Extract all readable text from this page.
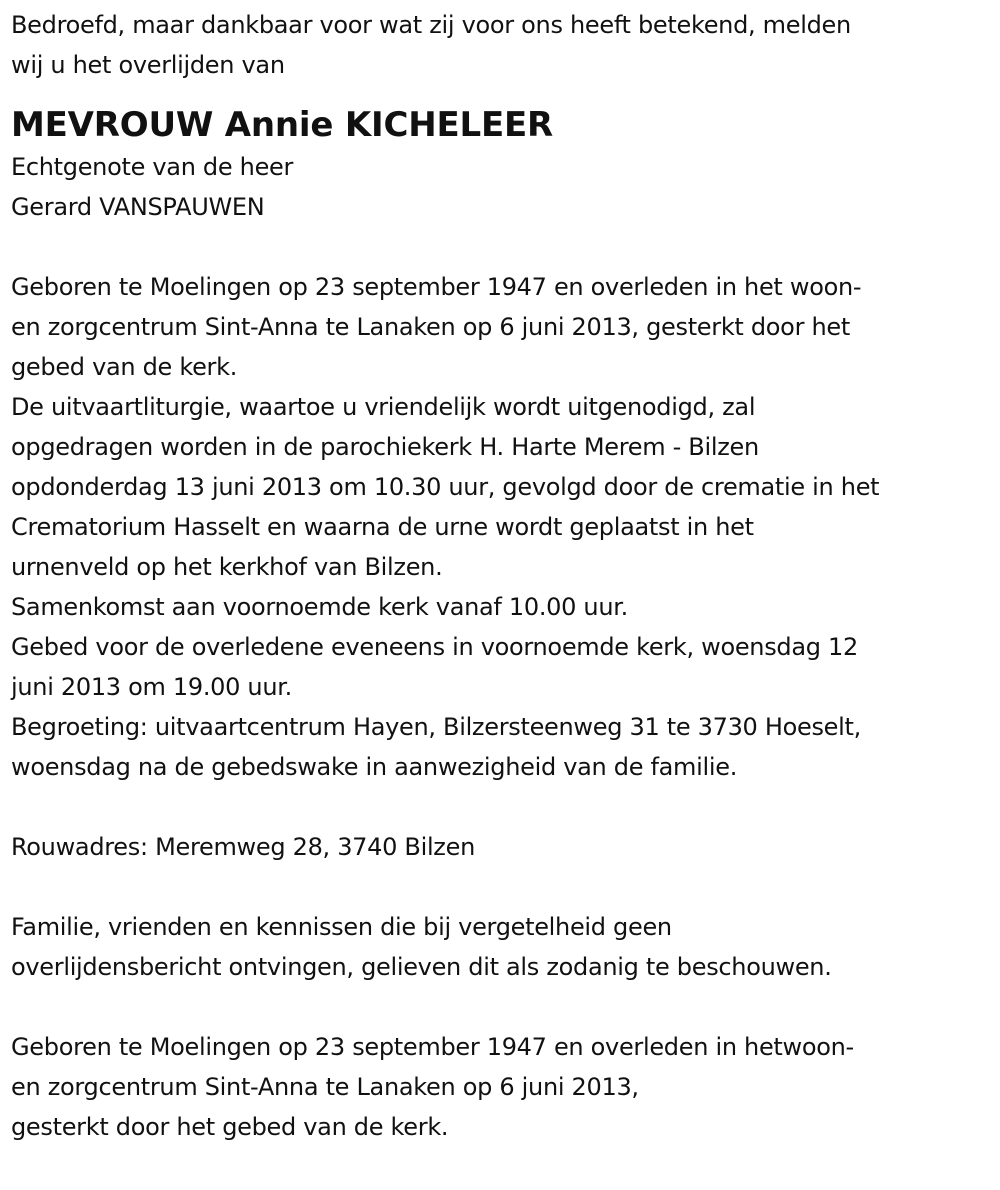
Bedroefd, maar dankbaar voor wat zij voor ons heeft betekend, melden
wij u het overlijden van
MEVROUW Annie KICHELEER
Echtgenote van de heer
Gerard VANSPAUWEN
Geboren te Moelingen op 23 september 1947 en overleden in het woon-
en zorgcentrum Sint-Anna te Lanaken op 6 juni 2013, gesterkt door het
gebed van de kerk.
De uitvaartliturgie, waartoe u vriendelijk wordt uitgenodigd, zal
opgedragen worden in de parochiekerk H. Harte Merem - Bilzen
opdonderdag 13 juni 2013 om 10.30 uur, gevolgd door de crematie in het
Crematorium Hasselt en waarna de urne wordt geplaatst in het
urnenveld op het kerkhof van Bilzen.
Samenkomst aan voornoemde kerk vanaf 10.00 uur.
Gebed voor de overledene eveneens in voornoemde kerk, woensdag 12
juni 2013 om 19.00 uur.
Begroeting: uitvaartcentrum Hayen, Bilzersteenweg 31 te 3730 Hoeselt,
woensdag na de gebedswake in aanwezigheid van de familie.
Rouwadres: Meremweg 28, 3740 Bilzen
Familie, vrienden en kennissen die bij vergetelheid geen
overlijdensbericht ontvingen, gelieven dit als zodanig te beschouwen.
Geboren te Moelingen op 23 september 1947 en overleden in hetwoon-
en zorgcentrum Sint-Anna te Lanaken op 6 juni 2013,
gesterkt door het gebed van de kerk.
